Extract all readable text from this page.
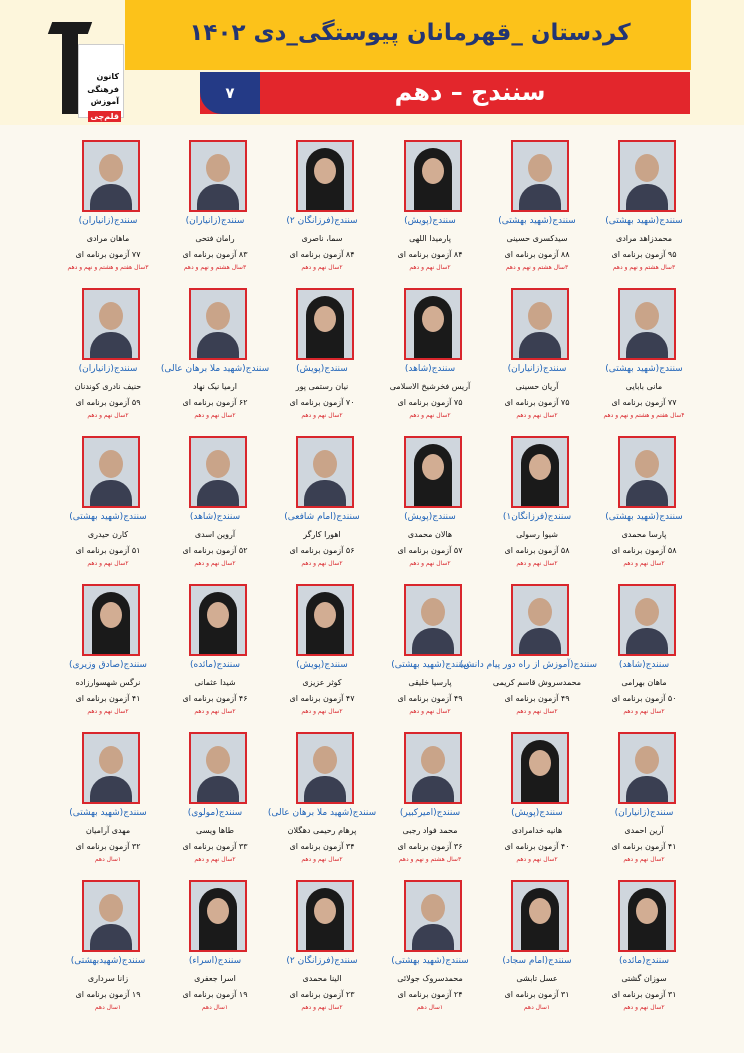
کردستان _قهرمانان پیوستگی_دی ۱۴۰۲
سنندج – دهم
۷
کانون
فرهنگی
آموزش
قلم‌چی
سنندج(شهید بهشتی)
محمدزاهد مرادی
۹۵ آزمون برنامه ای
۳سال هشتم و نهم و دهم
سنندج(شهید بهشتی)
سیدکسری حسینی
۸۸ آزمون برنامه ای
۳سال هشتم و نهم و دهم
سنندج(پویش)
پارمیدا اللهی
۸۴ آزمون برنامه ای
۲سال نهم و دهم
سنندج(فرزانگان ۲)
سما، ناصری
۸۴ آزمون برنامه ای
۲سال نهم و دهم
سنندج(زانیاران)
رامان فتحی
۸۳ آزمون برنامه ای
۳سال هشتم و نهم و دهم
سنندج(زانیاران)
ماهان مرادی
۷۷ آزمون برنامه ای
۳سال هفتم و هشتم و نهم و دهم
سنندج(شهید بهشتی)
مانی بابایی
۷۷ آزمون برنامه ای
۴سال هفتم و هشتم و نهم و دهم
سنندج(زانیاران)
آریان حسینی
۷۵ آزمون برنامه ای
۲سال نهم و دهم
سنندج(شاهد)
آریس فخرشیخ الاسلامی
۷۵ آزمون برنامه ای
۲سال نهم و دهم
سنندج(پویش)
نیان رستمی پور
۷۰ آزمون برنامه ای
۲سال نهم و دهم
سنندج(شهید ملا برهان عالی)
ارمیا نیک نهاد
۶۲ آزمون برنامه ای
۲سال نهم و دهم
سنندج(زانیاران)
حنیف نادری کوندنان
۵۹ آزمون برنامه ای
۲سال نهم و دهم
سنندج(شهید بهشتی)
پارسا محمدی
۵۸ آزمون برنامه ای
۲سال نهم و دهم
سنندج(فرزانگان۱)
شیوا رسولی
۵۸ آزمون برنامه ای
۲سال نهم و دهم
سنندج(پویش)
هالان محمدی
۵۷ آزمون برنامه ای
۲سال نهم و دهم
سنندج(امام شافعی)
اهورا کارگر
۵۶ آزمون برنامه ای
۲سال نهم و دهم
سنندج(شاهد)
آروین اسدی
۵۲ آزمون برنامه ای
۲سال نهم و دهم
سنندج(شهید بهشتی)
کارن حیدری
۵۱ آزمون برنامه ای
۲سال نهم و دهم
سنندج(شاهد)
ماهان بهرامی
۵۰ آزمون برنامه ای
۲سال نهم و دهم
سنندج(آموزش از راه دور پیام دانش)
محمدسروش قاسم کریمی
۴۹ آزمون برنامه ای
۲سال نهم و دهم
سنندج(شهید بهشتی)
پارسیا خلیقی
۴۹ آزمون برنامه ای
۲سال نهم و دهم
سنندج(پویش)
کوثر عزیزی
۴۷ آزمون برنامه ای
۲سال نهم و دهم
سنندج(مائده)
شیدا عثمانی
۴۶ آزمون برنامه ای
۲سال نهم و دهم
سنندج(صادق وزیری)
نرگس شهسوارزاده
۴۱ آزمون برنامه ای
۲سال نهم و دهم
سنندج(زانیاران)
آرین احمدی
۴۱ آزمون برنامه ای
۲سال نهم و دهم
سنندج(پویش)
هانیه خدامرادی
۴۰ آزمون برنامه ای
۲سال نهم و دهم
سنندج(امیرکبیر)
محمد فواد رجبی
۳۶ آزمون برنامه ای
۳سال هشتم و نهم و دهم
سنندج(شهید ملا برهان عالی)
پرهام رحیمی دهگلان
۳۴ آزمون برنامه ای
۲سال نهم و دهم
سنندج(مولوی)
طاها ویسی
۳۳ آزمون برنامه ای
۲سال نهم و دهم
سنندج(شهید بهشتی)
مهدی آرامیان
۳۲ آزمون برنامه ای
۱سال دهم
سنندج(مائده)
سوزان گشتی
۳۱ آزمون برنامه ای
۲سال نهم و دهم
سنندج(امام سجاد)
عسل تابشی
۳۱ آزمون برنامه ای
۱سال دهم
سنندج(شهید بهشتی)
محمدسروک جولائی
۲۴ آزمون برنامه ای
۱سال دهم
سنندج(فرزانگان ۲)
الینا محمدی
۲۳ آزمون برنامه ای
۲سال نهم و دهم
سنندج(اسراء)
اسرا جعفری
۱۹ آزمون برنامه ای
۱سال دهم
سنندج(شهیدبهشتی)
زانا سرداری
۱۹ آزمون برنامه ای
۱سال دهم
